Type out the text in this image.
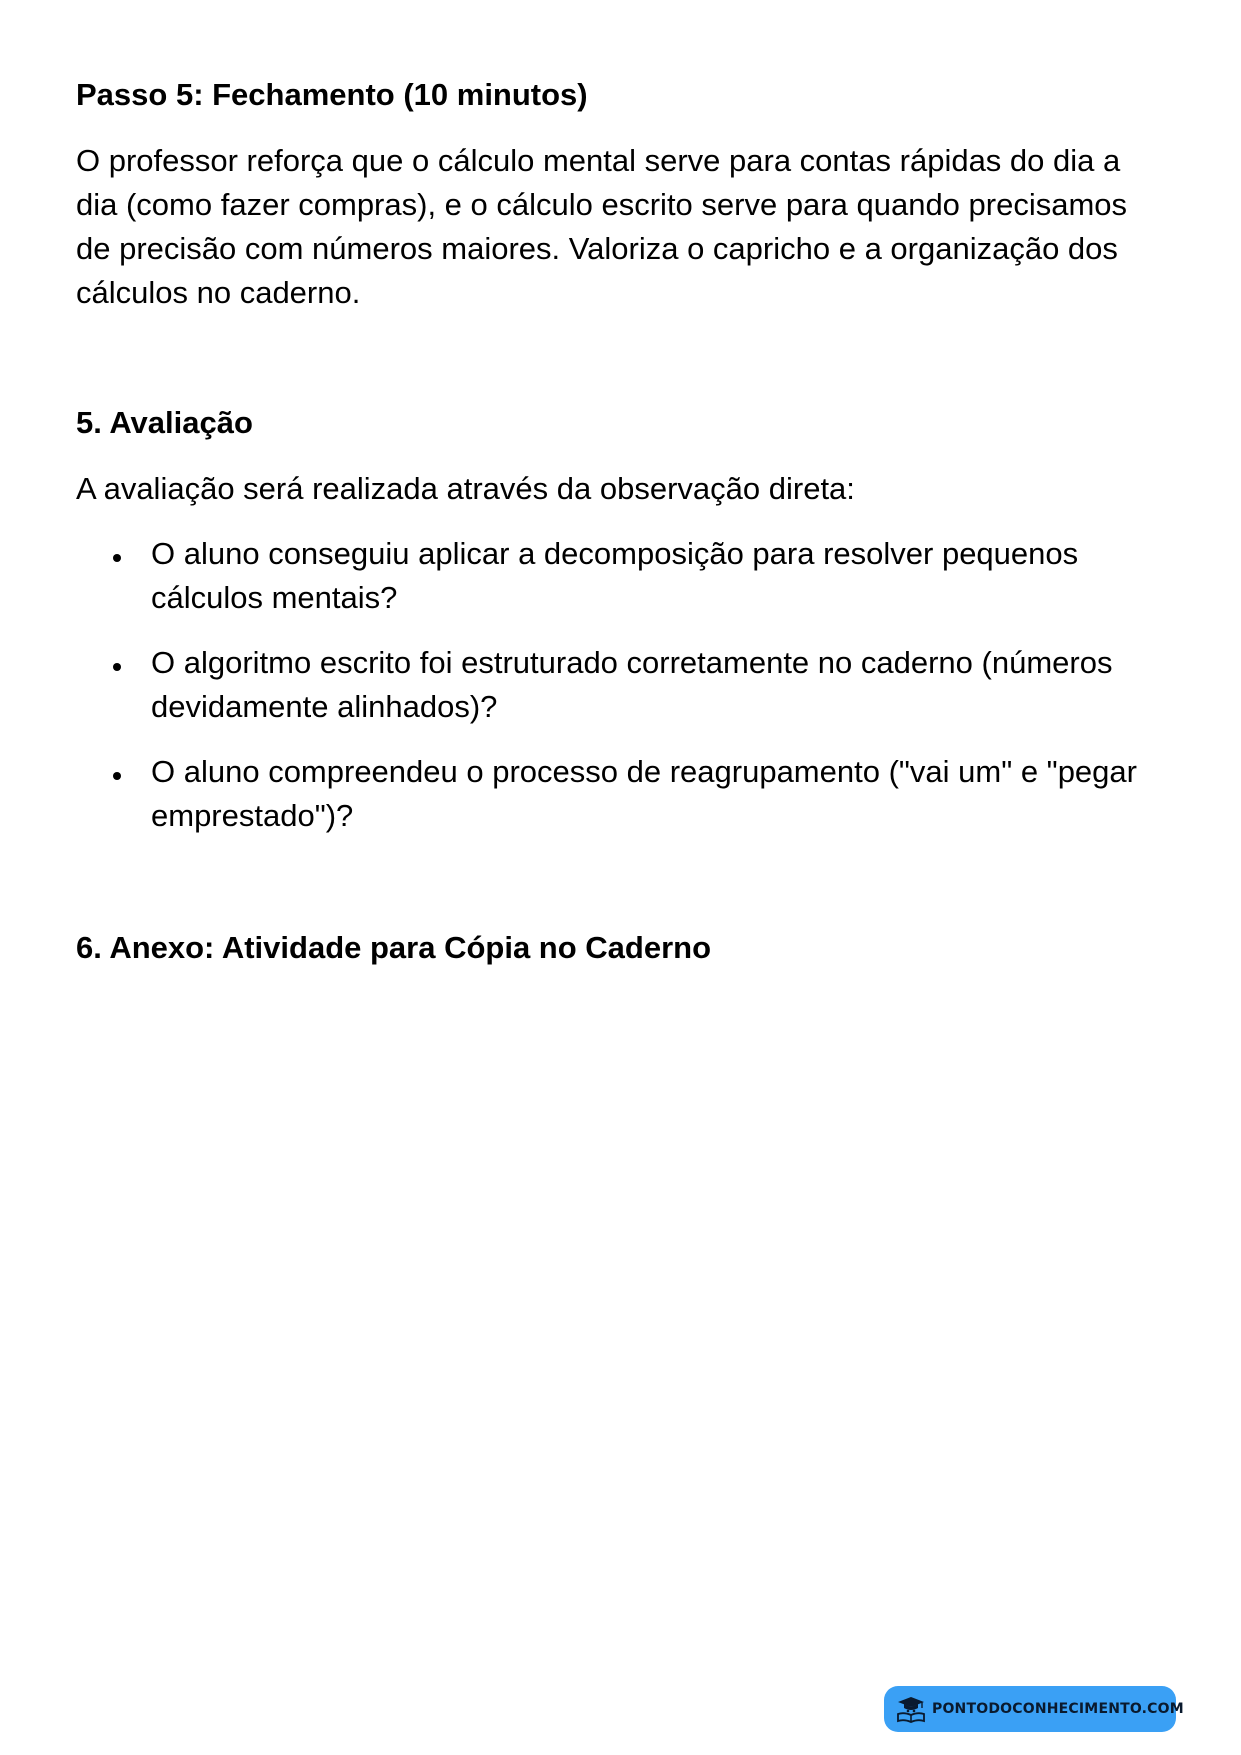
Passo 5: Fechamento (10 minutos)

O professor reforça que o cálculo mental serve para contas rápidas do dia a dia (como fazer compras), e o cálculo escrito serve para quando precisamos de precisão com números maiores. Valoriza o capricho e a organização dos cálculos no caderno.

5. Avaliação

A avaliação será realizada através da observação direta:

O aluno conseguiu aplicar a decomposição para resolver pequenos cálculos mentais?
O algoritmo escrito foi estruturado corretamente no caderno (números devidamente alinhados)?
O aluno compreendeu o processo de reagrupamento ("vai um" e "pegar emprestado")?
6. Anexo: Atividade para Cópia no Caderno
PONTODOCONHECIMENTO.COM
